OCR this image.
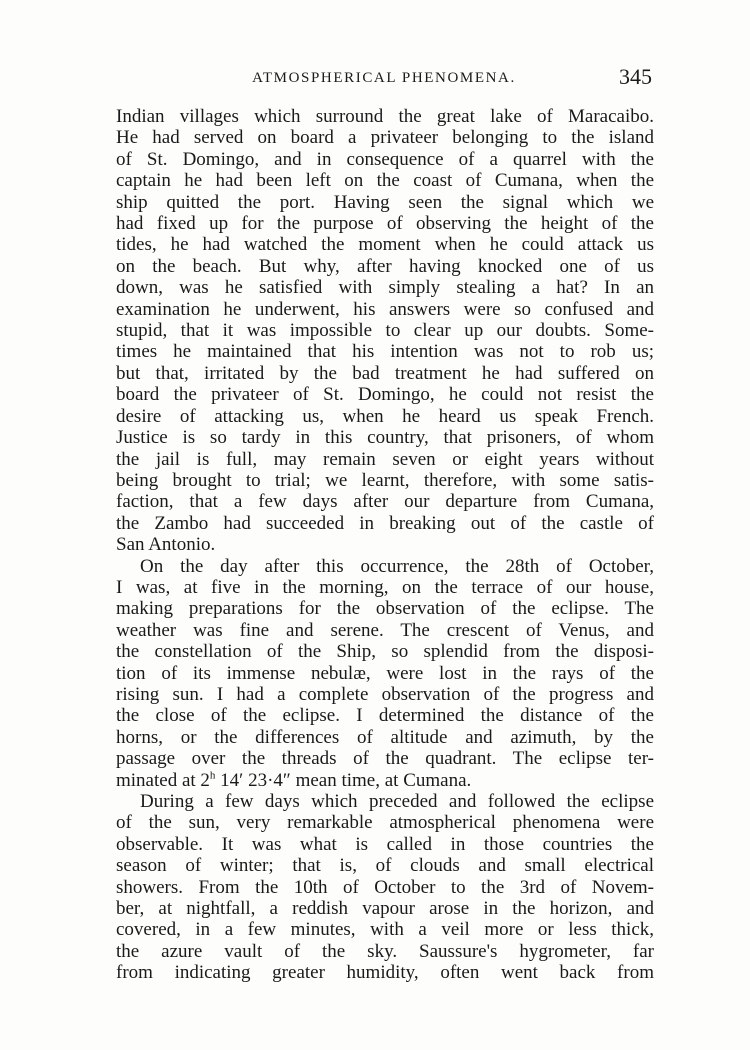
ATMOSPHERICAL PHENOMENA.	345

Indian villages which surround the great lake of Maracaibo.
He had served on board a privateer belonging to the island
of St. Domingo, and in consequence of a quarrel with the
captain he had been left on the coast of Cumana, when the
ship quitted the port. Having seen the signal which we
had fixed up for the purpose of observing the height of the
tides, he had watched the moment when he could attack us
on the beach. But why, after having knocked one of us
down, was he satisfied with simply stealing a hat? In an
examination he underwent, his answers were so confused and
stupid, that it was impossible to clear up our doubts. Some-
times he maintained that his intention was not to rob us;
but that, irritated by the bad treatment he had suffered on
board the privateer of St. Domingo, he could not resist the
desire of attacking us, when he heard us speak French.
Justice is so tardy in this country, that prisoners, of whom
the jail is full, may remain seven or eight years without
being brought to trial; we learnt, therefore, with some satis-
faction, that a few days after our departure from Cumana,
the Zambo had succeeded in breaking out of the castle of
San Antonio.

On the day after this occurrence, the 28th of October,
I was, at five in the morning, on the terrace of our house,
making preparations for the observation of the eclipse. The
weather was fine and serene. The crescent of Venus, and
the constellation of the Ship, so splendid from the disposi-
tion of its immense nebulæ, were lost in the rays of the
rising sun. I had a complete observation of the progress and
the close of the eclipse. I determined the distance of the
horns, or the differences of altitude and azimuth, by the
passage over the threads of the quadrant. The eclipse ter-
minated at 2$^h$ 14′ 23·4″ mean time, at Cumana.

During a few days which preceded and followed the eclipse
of the sun, very remarkable atmospherical phenomena were
observable. It was what is called in those countries the
season of winter; that is, of clouds and small electrical
showers. From the 10th of October to the 3rd of Novem-
ber, at nightfall, a reddish vapour arose in the horizon, and
covered, in a few minutes, with a veil more or less thick,
the azure vault of the sky. Saussure's hygrometer, far
from indicating greater humidity, often went back from
